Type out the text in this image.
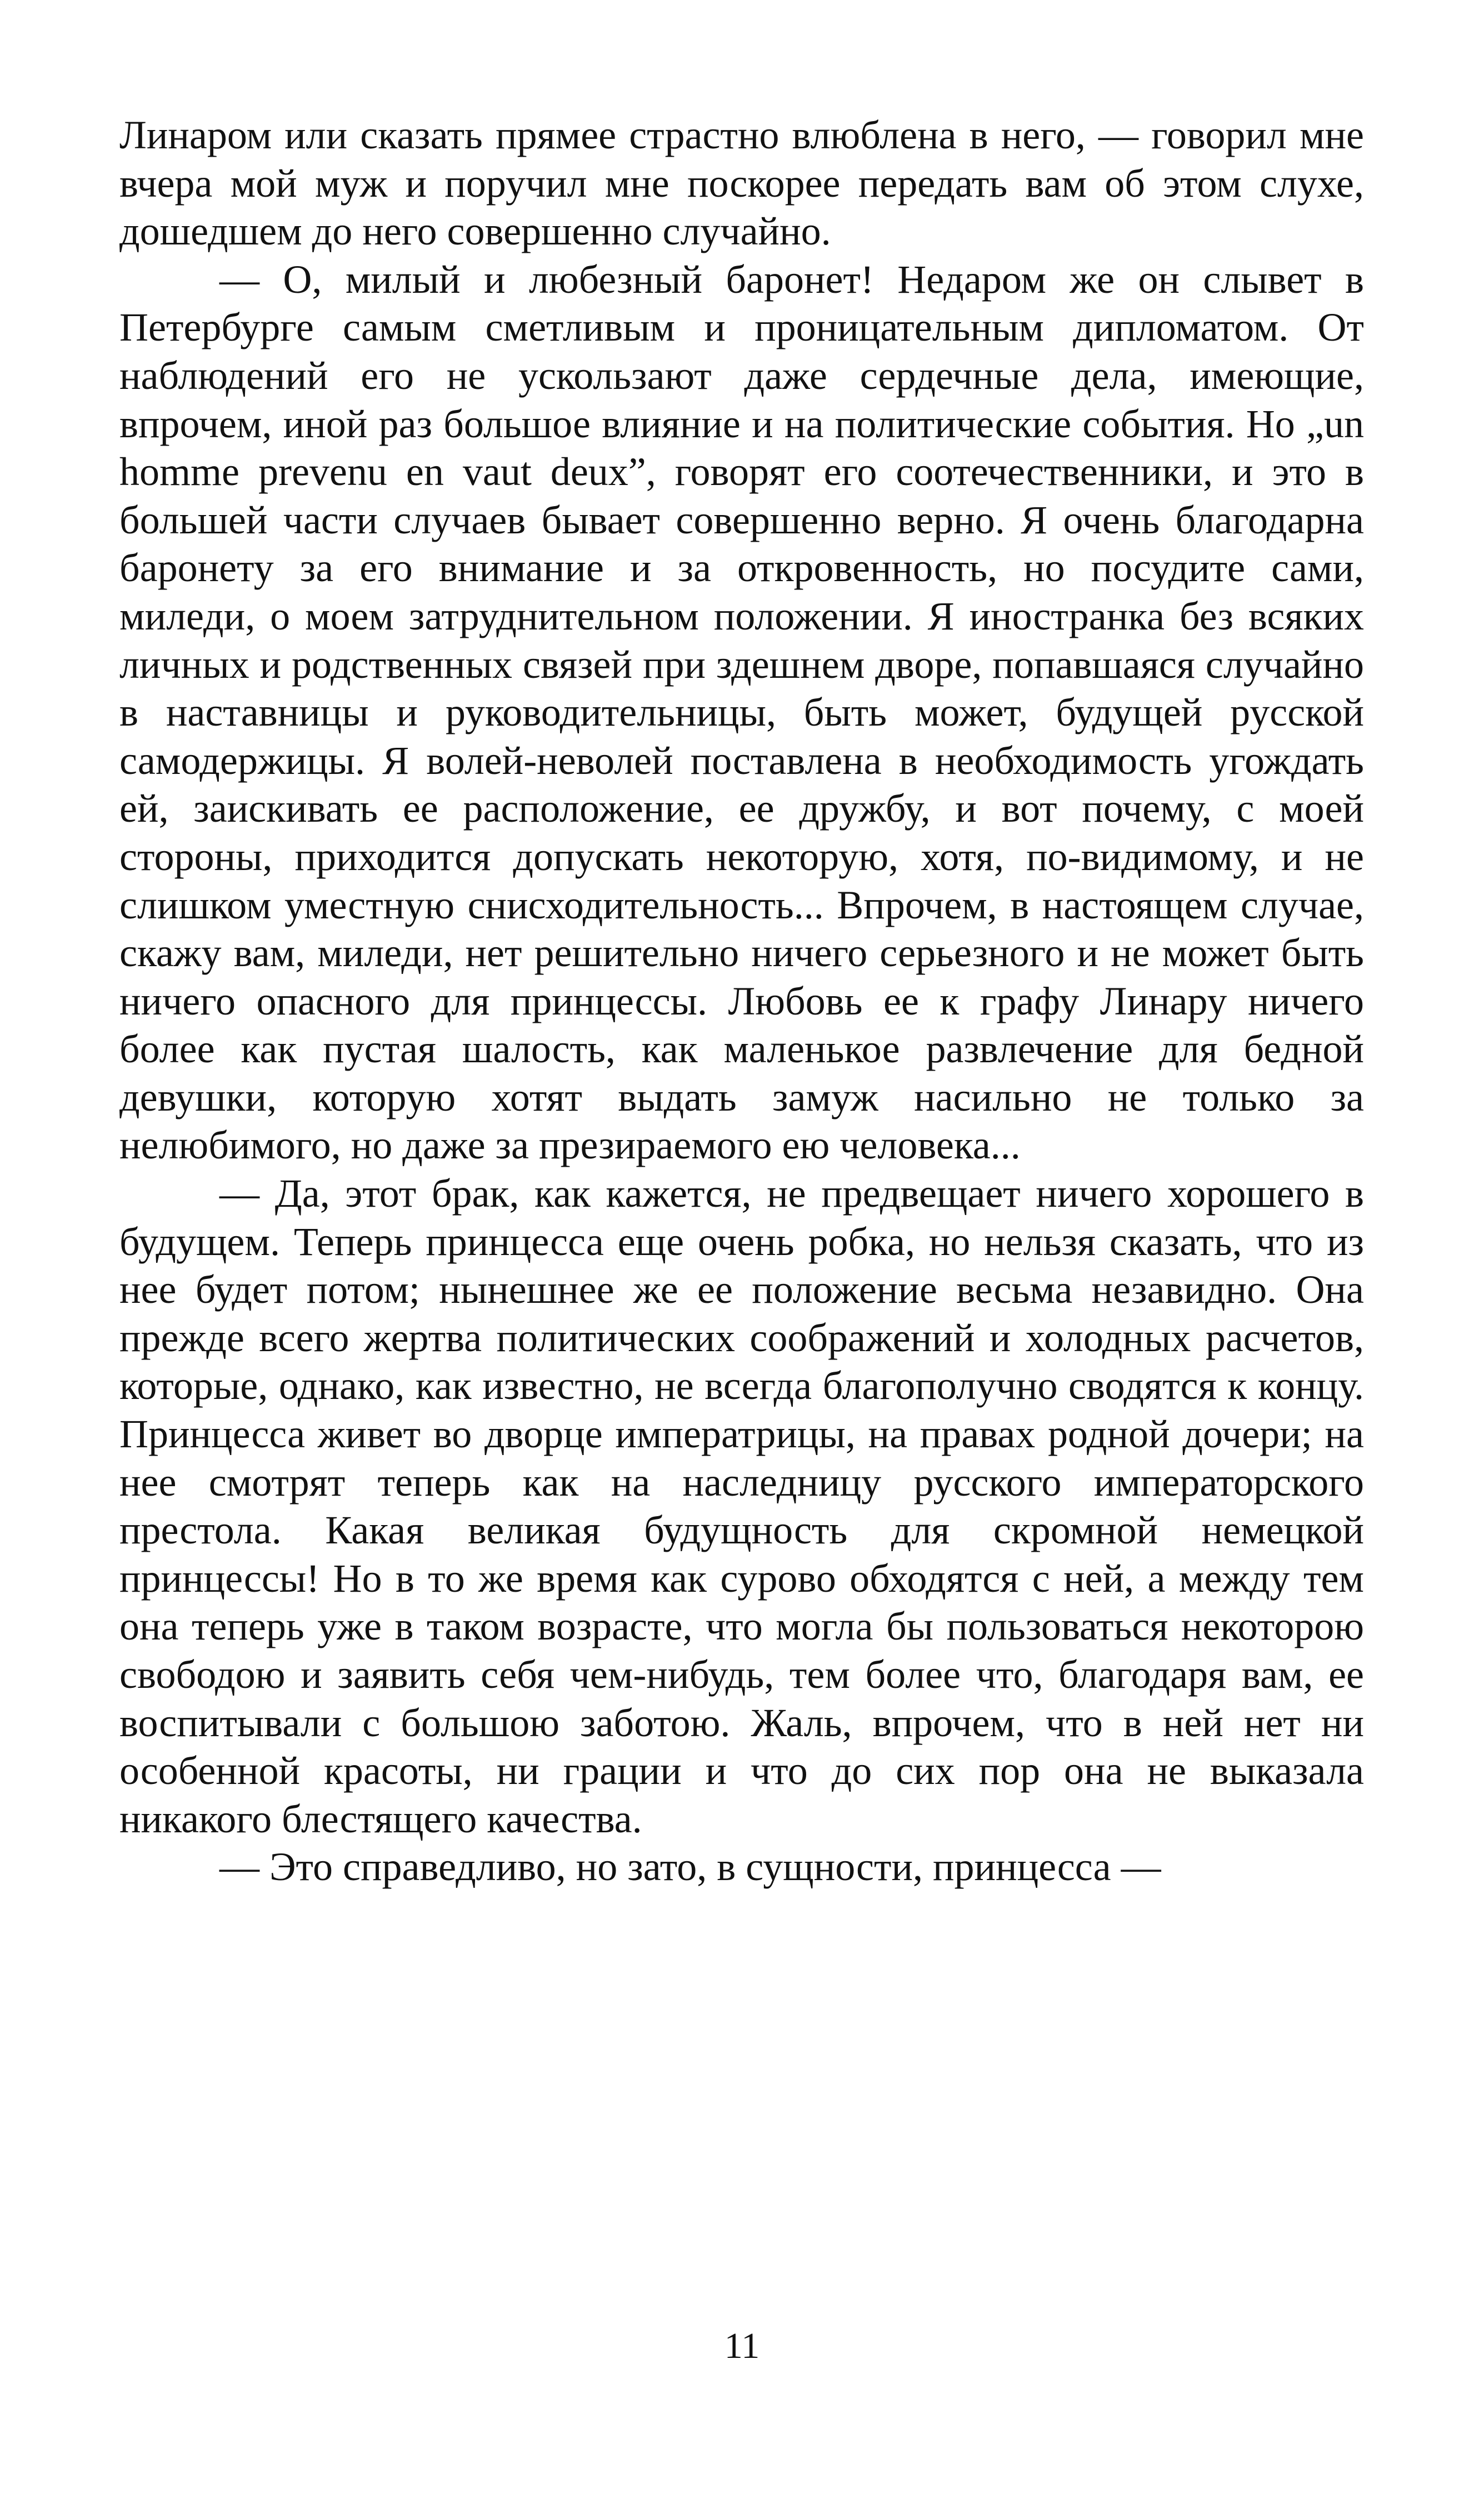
Линаром или сказать прямее страстно влюблена в него, — говорил мне вчера мой муж и поручил мне поскорее передать вам об этом слухе, дошедшем до него совершенно случайно.

— О, милый и любезный баронет! Недаром же он слывет в Петербурге самым сметливым и проницательным дипломатом. От наблюдений его не ускользают даже сердечные дела, имеющие, впрочем, иной раз большое влияние и на политические события. Но „un homme prevenu en vaut deux”, говорят его соотечественники, и это в большей части случаев бывает совершенно верно. Я очень благодарна баронету за его внимание и за откровенность, но посудите сами, миледи, о моем затруднительном положении. Я иностранка без всяких личных и родственных связей при здешнем дворе, попавшаяся случайно в наставницы и руководительницы, быть может, будущей русской самодержицы. Я волей-неволей поставлена в необходимость угождать ей, заискивать ее расположение, ее дружбу, и вот почему, с моей стороны, приходится допускать некоторую, хотя, по-видимому, и не слишком уместную снисходительность... Впрочем, в настоящем случае, скажу вам, миледи, нет решительно ничего серьезного и не может быть ничего опасного для принцессы. Любовь ее к графу Линару ничего более как пустая шалость, как маленькое развлечение для бедной девушки, которую хотят выдать замуж насильно не только за нелюбимого, но даже за презираемого ею человека...

— Да, этот брак, как кажется, не предвещает ничего хорошего в будущем. Теперь принцесса еще очень робка, но нельзя сказать, что из нее будет потом; нынешнее же ее положение весьма незавидно. Она прежде всего жертва политических соображений и холодных расчетов, которые, однако, как известно, не всегда благополучно сводятся к концу. Принцесса живет во дворце императрицы, на правах родной дочери; на нее смотрят теперь как на наследницу русского императорского престола. Какая великая будущность для скромной немецкой принцессы! Но в то же время как сурово обходятся с ней, а между тем она теперь уже в таком возрасте, что могла бы пользоваться некоторою свободою и заявить себя чем-нибудь, тем более что, благодаря вам, ее воспитывали с большою заботою. Жаль, впрочем, что в ней нет ни особенной красоты, ни грации и что до сих пор она не выказала никакого блестящего качества.

— Это справедливо, но зато, в сущности, принцесса —

11
